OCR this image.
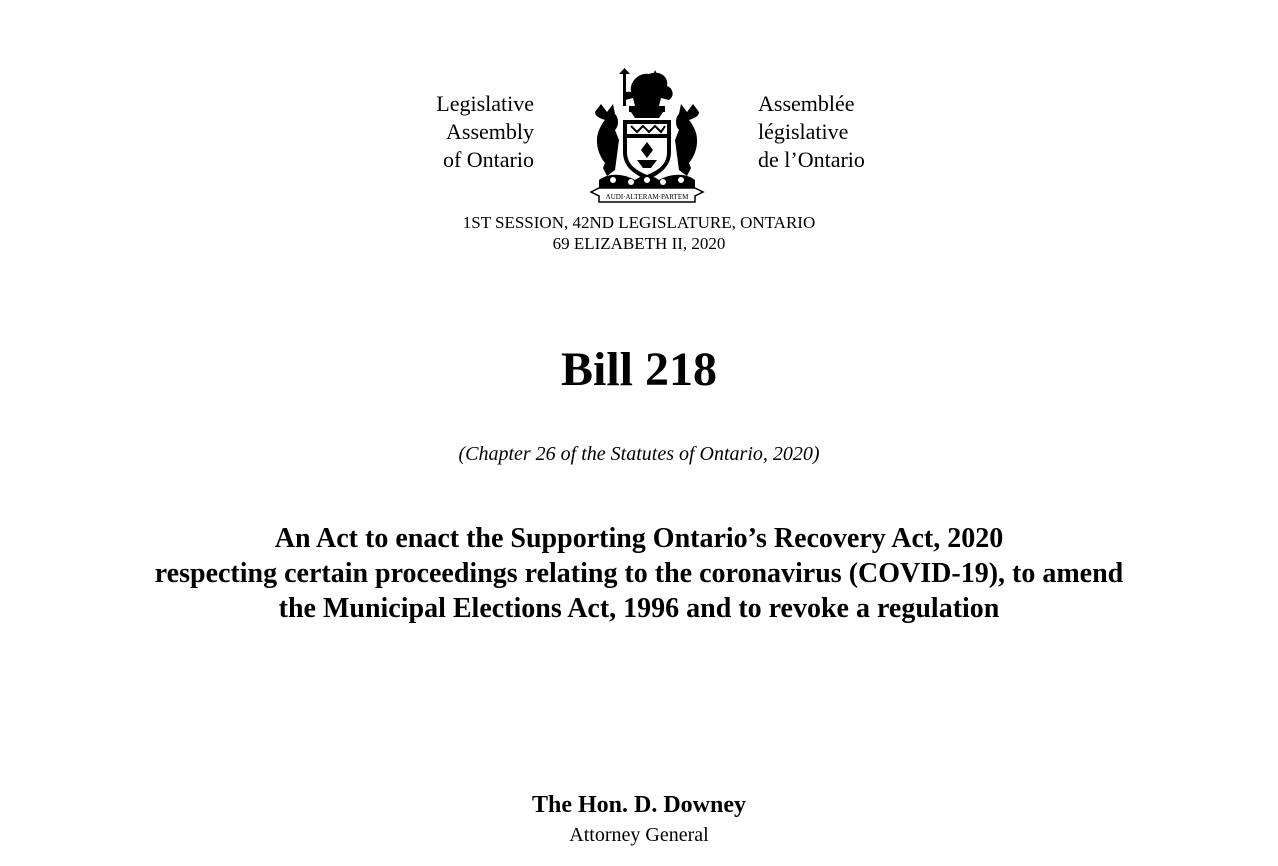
Legislative
Assembly
of Ontario
AUDI·ALTERAM·PARTEM
Assemblée
législative
de l’Ontario
1ST SESSION, 42ND LEGISLATURE, ONTARIO
69 ELIZABETH II, 2020
Bill 218
(Chapter 26 of the Statutes of Ontario, 2020)
An Act to enact the Supporting Ontario’s Recovery Act, 2020
respecting certain proceedings relating to the coronavirus (COVID-19), to amend
the Municipal Elections Act, 1996 and to revoke a regulation
The Hon. D. Downey
Attorney General
